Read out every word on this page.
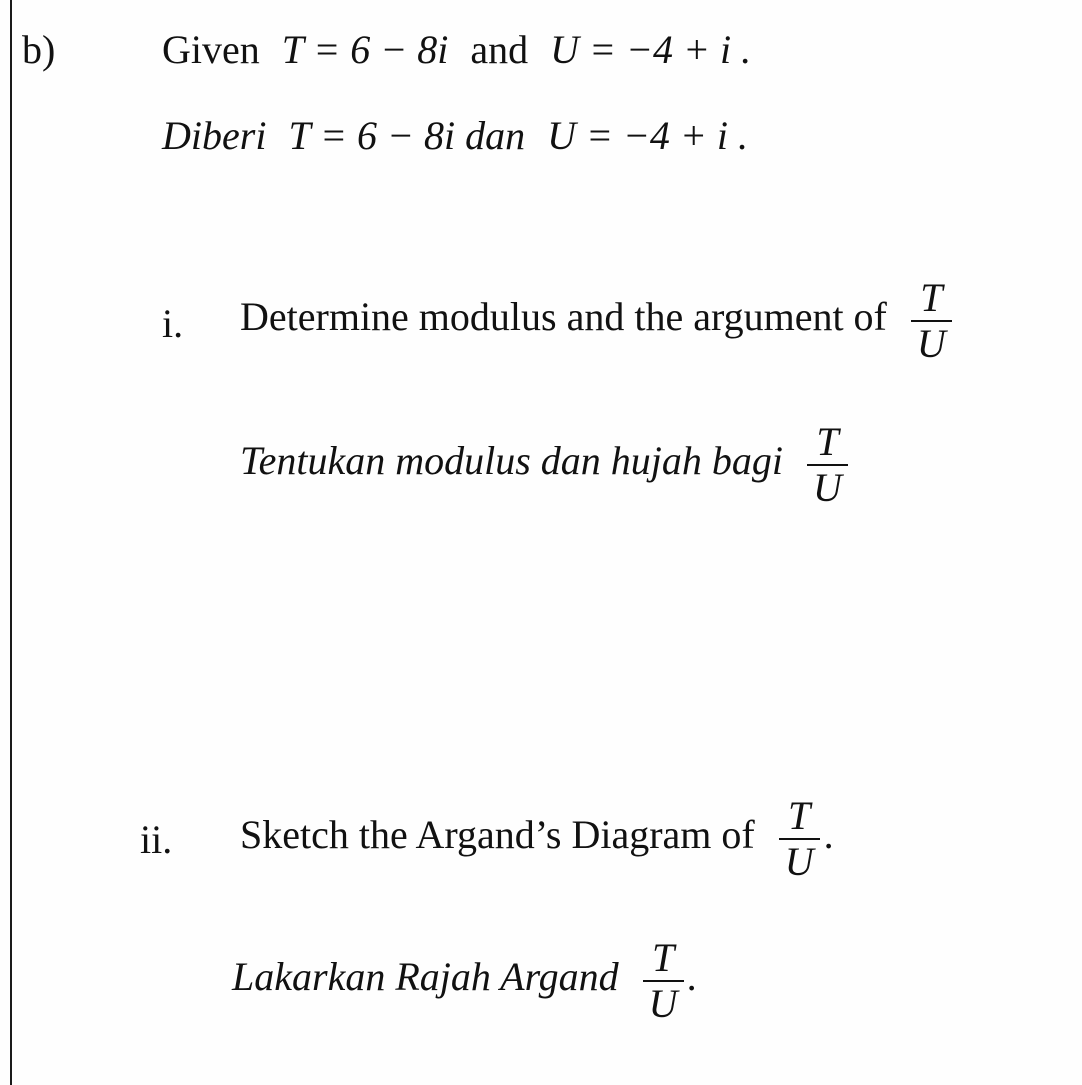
b)	Given T = 6 − 8i and U = −4 + i .
Diberi T = 6 − 8i dan U = −4 + i .
i. Determine modulus and the argument of $\frac{T}{U}$
Tentukan modulus dan hujah bagi $\frac{T}{U}$
ii. Sketch the Argand’s Diagram of $\frac{T}{U}$ .
Lakarkan Rajah Argand $\frac{T}{U}$ .
